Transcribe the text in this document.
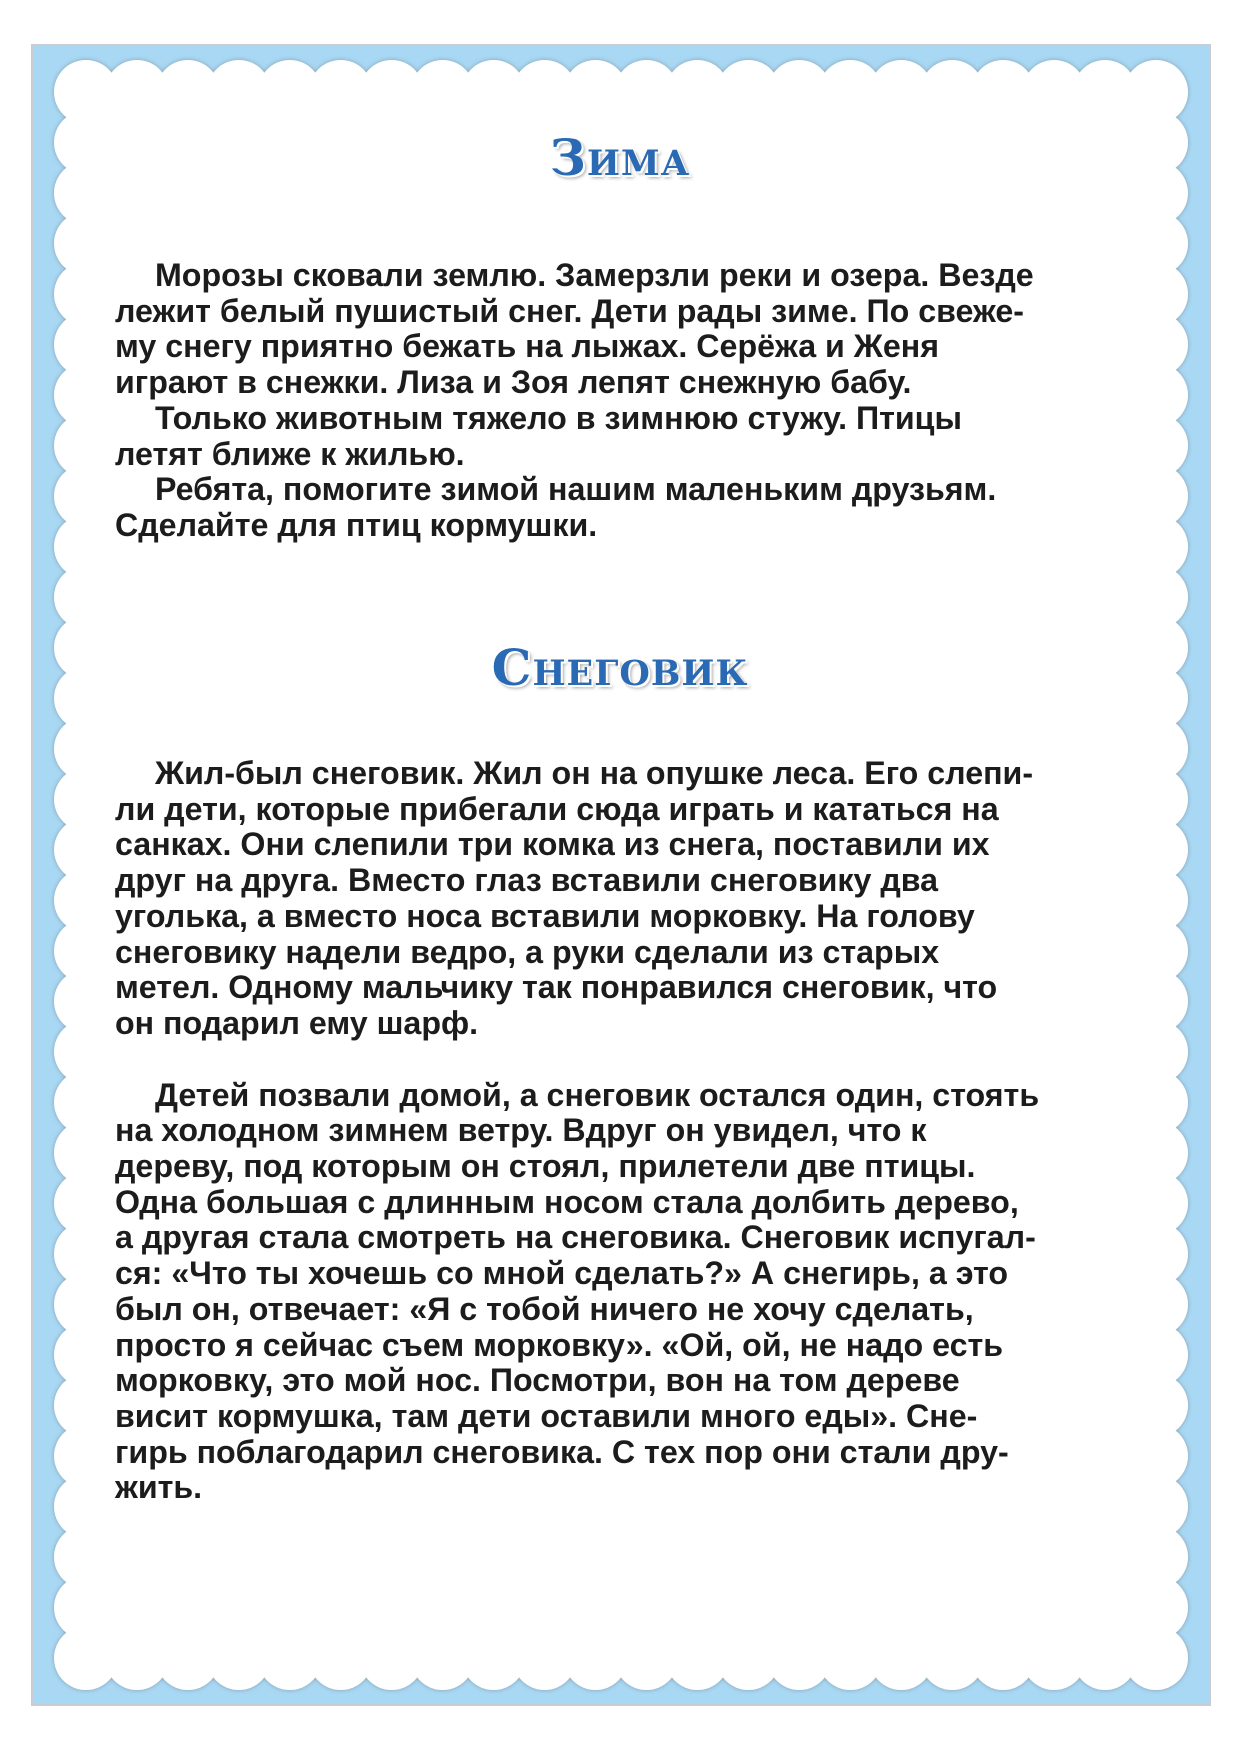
Зима
Морозы сковали землю. Замерзли реки и озера. Везде
лежит белый пушистый снег. Дети рады зиме. По свеже-
му снегу приятно бежать на лыжах. Серёжа и Женя
играют в снежки. Лиза и Зоя лепят снежную бабу.
Только животным тяжело в зимнюю стужу. Птицы
летят ближе к жилью.
Ребята, помогите зимой нашим маленьким друзьям.
Сделайте для птиц кормушки.
Снеговик
Жил-был снеговик. Жил он на опушке леса. Его слепи-
ли дети, которые прибегали сюда играть и кататься на
санках. Они слепили три комка из снега, поставили их
друг на друга. Вместо глаз вставили снеговику два
уголька, а вместо носа вставили морковку. На голову
снеговику надели ведро, а руки сделали из старых
метел. Одному мальчику так понравился снеговик, что
он подарил ему шарф.
Детей позвали домой, а снеговик остался один, стоять
на холодном зимнем ветру. Вдруг он увидел, что к
дереву, под которым он стоял, прилетели две птицы.
Одна большая с длинным носом стала долбить дерево,
а другая стала смотреть на снеговика. Снеговик испугал-
ся: «Что ты хочешь со мной сделать?» А снегирь, а это
был он, отвечает: «Я с тобой ничего не хочу сделать,
просто я сейчас съем морковку». «Ой, ой, не надо есть
морковку, это мой нос. Посмотри, вон на том дереве
висит кормушка, там дети оставили много еды». Сне-
гирь поблагодарил снеговика. С тех пор они стали дру-
жить.
